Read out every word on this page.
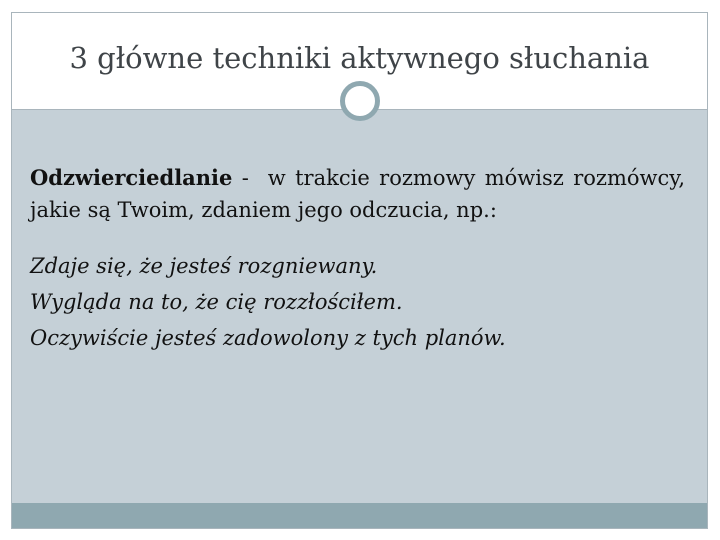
3 główne techniki aktywnego słuchania

Odzwierciedlanie -  w trakcie rozmowy mówisz rozmówcy, jakie są Twoim, zdaniem jego odczucia, np.:

Zdaje się, że jesteś rozgniewany.
Wygląda na to, że cię rozzłościłem.
Oczywiście jesteś zadowolony z tych planów.
